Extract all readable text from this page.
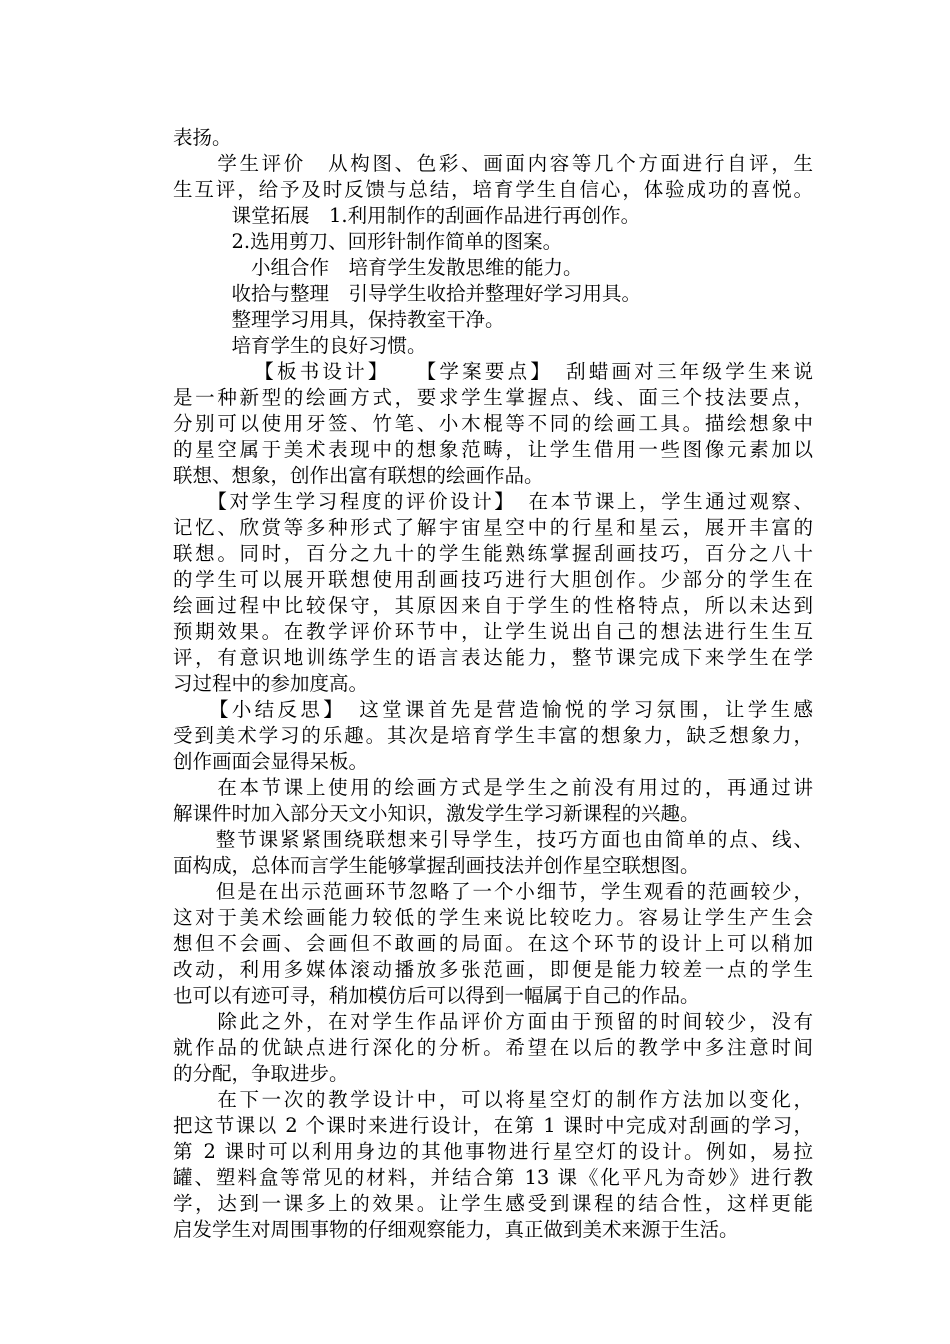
表扬。
　　学生评价　从构图、色彩、画面内容等几个方面进行自评，生
生互评，给予及时反馈与总结，培育学生自信心，体验成功的喜悦。
　　　课堂拓展　1.利用制作的刮画作品进行再创作。
　　　2.选用剪刀、回形针制作简单的图案。
　　　　小组合作　培育学生发散思维的能力。
　　　收拾与整理　引导学生收拾并整理好学习用具。
　　　整理学习用具，保持教室干净。
　　　培育学生的良好习惯。
　　　　【板书设计】　　【学案要点】　刮蜡画对三年级学生来说
是一种新型的绘画方式，要求学生掌握点、线、面三个技法要点，
分别可以使用牙签、竹笔、小木棍等不同的绘画工具。描绘想象中
的星空属于美术表现中的想象范畴，让学生借用一些图像元素加以
联想、想象，创作出富有联想的绘画作品。
　　【对学生学习程度的评价设计】　在本节课上，学生通过观察、
记忆、欣赏等多种形式了解宇宙星空中的行星和星云，展开丰富的
联想。同时，百分之九十的学生能熟练掌握刮画技巧，百分之八十
的学生可以展开联想使用刮画技巧进行大胆创作。少部分的学生在
绘画过程中比较保守，其原因来自于学生的性格特点，所以未达到
预期效果。在教学评价环节中，让学生说出自己的想法进行生生互
评，有意识地训练学生的语言表达能力，整节课完成下来学生在学
习过程中的参加度高。
　　【小结反思】　这堂课首先是营造愉悦的学习氛围，让学生感
受到美术学习的乐趣。其次是培育学生丰富的想象力，缺乏想象力，
创作画面会显得呆板。
　　在本节课上使用的绘画方式是学生之前没有用过的，再通过讲
解课件时加入部分天文小知识，激发学生学习新课程的兴趣。
　　整节课紧紧围绕联想来引导学生，技巧方面也由简单的点、线、
面构成，总体而言学生能够掌握刮画技法并创作星空联想图。
　　但是在出示范画环节忽略了一个小细节，学生观看的范画较少，
这对于美术绘画能力较低的学生来说比较吃力。容易让学生产生会
想但不会画、会画但不敢画的局面。在这个环节的设计上可以稍加
改动，利用多媒体滚动播放多张范画，即便是能力较差一点的学生
也可以有迹可寻，稍加模仿后可以得到一幅属于自己的作品。
　　除此之外，在对学生作品评价方面由于预留的时间较少，没有
就作品的优缺点进行深化的分析。希望在以后的教学中多注意时间
的分配，争取进步。
　　在下一次的教学设计中，可以将星空灯的制作方法加以变化，
把这节课以 2 个课时来进行设计，在第 1 课时中完成对刮画的学习，
第 2 课时可以利用身边的其他事物进行星空灯的设计。例如，易拉
罐、塑料盒等常见的材料，并结合第 13 课《化平凡为奇妙》进行教
学，达到一课多上的效果。让学生感受到课程的结合性，这样更能
启发学生对周围事物的仔细观察能力，真正做到美术来源于生活。
